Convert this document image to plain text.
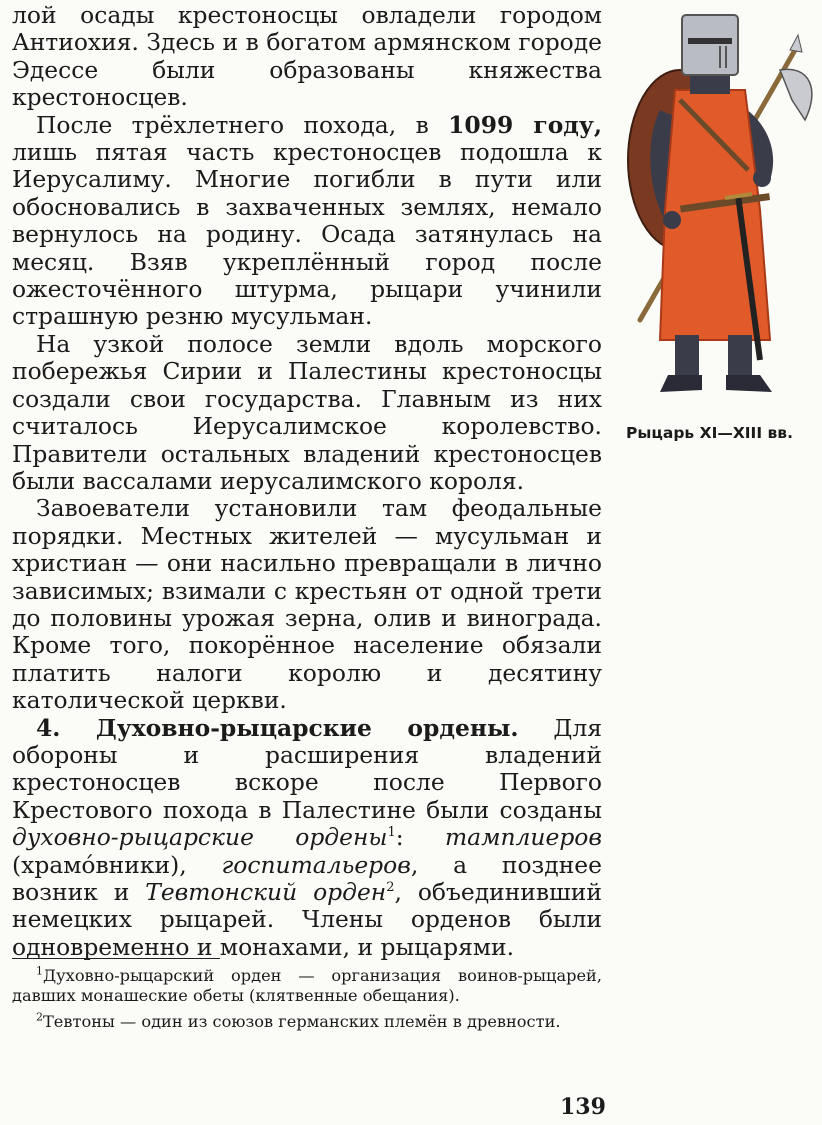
лой осады крестоносцы овладели городом Антиохия. Здесь и в богатом армянском городе Эдессе были образованы княжества крестоносцев.

После трёхлетнего похода, в 1099 году, лишь пятая часть крестоносцев подошла к Иерусалиму. Многие погибли в пути или обосновались в захваченных землях, немало вернулось на родину. Осада затянулась на месяц. Взяв укреплённый город после ожесточённого штурма, рыцари учинили страшную резню мусульман.

На узкой полосе земли вдоль морского побережья Сирии и Палестины крестоносцы создали свои государства. Главным из них считалось Иерусалимское королевство. Правители остальных владений крестоносцев были вассалами иерусалимского короля.

Завоеватели установили там феодальные порядки. Местных жителей — мусульман и христиан — они насильно превращали в лично зависимых; взимали с крестьян от одной трети до половины урожая зерна, олив и винограда. Кроме того, покорённое население обязали платить налоги королю и десятину католической церкви.

4. Духовно-рыцарские ордены. Для обороны и расширения владений крестоносцев вскоре после Первого Крестового похода в Палестине были созданы духовно-рыцарские ордены$^1$: тамплиеров (храмо́вники), госпитальеров, а позднее возник и Тевтонский орден$^2$, объединивший немецких рыцарей. Члены орденов были одновременно и монахами, и рыцарями.

Рыцарь XI—XIII вв.

$^1$Духовно-рыцарский орден — организация воинов-рыцарей, давших монашеские обеты (клятвенные обещания).

$^2$Тевтоны — один из союзов германских племён в древности.

139
